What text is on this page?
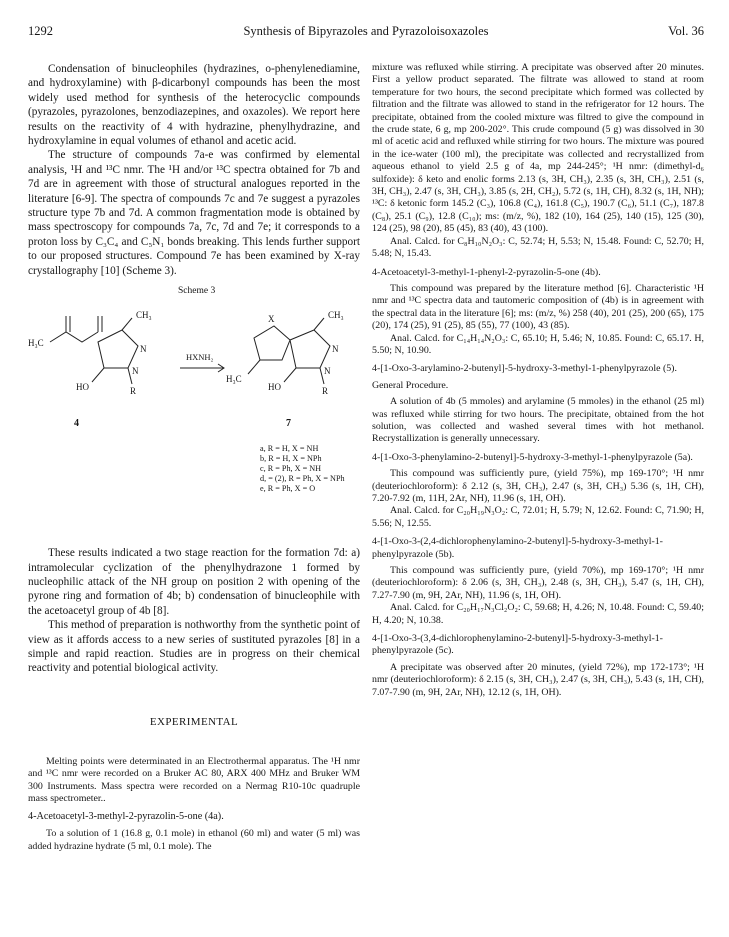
1292	Synthesis of Bipyrazoles and Pyrazoloisoxazoles	Vol. 36

Condensation of binucleophiles (hydrazines, o-phenylenediamine, and hydroxylamine) with β-dicarbonyl compounds has been the most widely used method for synthesis of the heterocyclic compounds (pyrazoles, pyrazolones, benzodiazepines, and oxazoles). We report here results on the reactivity of 4 with hydrazine, phenylhydrazine, and hydroxylamine in equal volumes of ethanol and acetic acid.

The structure of compounds 7a-e was confirmed by elemental analysis, ¹H and ¹³C nmr. The ¹H and/or ¹³C spectra obtained for 7b and 7d are in agreement with those of structural analogues reported in the literature [6-9]. The spectra of compounds 7c and 7e suggest a pyrazoles structure type 7b and 7d. A common fragmentation mode is obtained by mass spectroscopy for compounds 7a, 7c, 7d and 7e; it corresponds to a proton loss by C₃C₄ and C₅N₁ bonds breaking. This lends further support to our proposed structures. Compound 7e has been examined by X-ray crystallography [10] (Scheme 3).

Scheme 3
CH₃
H₃C
N
N
HO	R
HXNH₂
X	CH₃
H₃C
N
N
HO	R
4	7
a, R = H, X = NH
b, R = H, X = NPh
c, R = Ph, X = NH
d, = (2), R = Ph, X = NPh
e, R = Ph, X = O

These results indicated a two stage reaction for the formation 7d: a) intramolecular cyclization of the phenylhydrazone 1 formed by nucleophilic attack of the NH group on position 2 with opening of the pyrone ring and formation of 4b; b) condensation of binucleophile with the acetoacetyl group of 4b [8].

This method of preparation is nothworthy from the synthetic point of view as it affords access to a new series of sustituted pyrazoles [8] in a simple and rapid reaction. Studies are in progress on their chemical reactivity and potential biological activity.

EXPERIMENTAL

Melting points were determinated in an Electrothermal apparatus. The ¹H nmr and ¹³C nmr were recorded on a Bruker AC 80, ARX 400 MHz and Bruker WM 300 Instruments. Mass spectra were recorded on a Nermag R10-10c quadruple mass spectrometer..

4-Acetoacetyl-3-methyl-2-pyrazolin-5-one (4a).

To a solution of 1 (16.8 g, 0.1 mole) in ethanol (60 ml) and water (5 ml) was added hydrazine hydrate (5 ml, 0.1 mole). The

mixture was refluxed while stirring. A precipitate was observed after 20 minutes. First a yellow product separated. The filtrate was allowed to stand at room temperature for two hours, the second precipitate which formed was collected by filtration and the filtrate was allowed to stand in the refrigerator for 12 hours. The precipitate, obtained from the cooled mixture was filtred to give the compound in the crude state, 6 g, mp 200-202°. This crude compound (5 g) was dissolved in 30 ml of acetic acid and refluxed while stirring for two hours. The mixture was poured in the ice-water (100 ml), the precipitate was collected and recrystallized from aqueous ethanol to yield 2.5 g of 4a, mp 244-245°; ¹H nmr: (dimethyl-d₆ sulfoxide): δ keto and enolic forms 2.13 (s, 3H, CH₃), 2.35 (s, 3H, CH₃), 2.51 (s, 3H, CH₃), 2.47 (s, 3H, CH₃), 3.85 (s, 2H, CH₂), 5.72 (s, 1H, CH), 8.32 (s, 1H, NH); ¹³C: δ ketonic form 145.2 (C₃), 106.8 (C₄), 161.8 (C₅), 190.7 (C₆), 51.1 (C₇), 187.8 (C₈), 25.1 (C₉), 12.8 (C₁₀); ms: (m/z, %), 182 (10), 164 (25), 140 (15), 125 (30), 124 (25), 98 (20), 85 (45), 83 (40), 43 (100).

Anal. Calcd. for C₈H₁₀N₂O₃: C, 52.74; H, 5.53; N, 15.48. Found: C, 52.70; H, 5.48; N, 15.43.

4-Acetoacetyl-3-methyl-1-phenyl-2-pyrazolin-5-one (4b).

This compound was prepared by the literature method [6]. Characteristic ¹H nmr and ¹³C spectra data and tautomeric composition of (4b) is in agreement with the spectral data in the literature [6]; ms: (m/z, %) 258 (40), 201 (25), 200 (65), 175 (20), 174 (25), 91 (25), 85 (55), 77 (100), 43 (85).

Anal. Calcd. for C₁₄H₁₄N₂O₃: C, 65.10; H, 5.46; N, 10.85. Found: C, 65.17. H, 5.50; N, 10.90.

4-[1-Oxo-3-arylamino-2-butenyl]-5-hydroxy-3-methyl-1-phenylpyrazole (5).

General Procedure.

A solution of 4b (5 mmoles) and arylamine (5 mmoles) in the ethanol (25 ml) was refluxed while stirring for two hours. The precipitate, obtained from the hot solution, was collected and washed several times with hot methanol. Recrystallization is generally unnecessary.

4-[1-Oxo-3-phenylamino-2-butenyl]-5-hydroxy-3-methyl-1-phenylpyrazole (5a).

This compound was sufficiently pure, (yield 75%), mp 169-170°; ¹H nmr (deuteriochloroform): δ 2.12 (s, 3H, CH₃), 2.47 (s, 3H, CH₃) 5.36 (s, 1H, CH), 7.20-7.92 (m, 11H, 2Ar, NH), 11.96 (s, 1H, OH).

Anal. Calcd. for C₂₀H₁₉N₃O₂: C, 72.01; H, 5.79; N, 12.62. Found: C, 71.90; H, 5.56; N, 12.55.

4-[1-Oxo-3-(2,4-dichlorophenylamino-2-butenyl]-5-hydroxy-3-methyl-1-phenylpyrazole (5b).

This compound was sufficiently pure, (yield 70%), mp 169-170°; ¹H nmr (deuteriochloroform): δ 2.06 (s, 3H, CH₃), 2.48 (s, 3H, CH₃), 5.47 (s, 1H, CH), 7.27-7.90 (m, 9H, 2Ar, NH), 11.96 (s, 1H, OH).

Anal. Calcd. for C₂₀H₁₇N₃Cl₂O₂: C, 59.68; H, 4.26; N, 10.48. Found: C, 59.40; H, 4.20; N, 10.38.

4-[1-Oxo-3-(3,4-dichlorophenylamino-2-butenyl]-5-hydroxy-3-methyl-1-phenylpyrazole (5c).

A precipitate was observed after 20 minutes, (yield 72%), mp 172-173°; ¹H nmr (deuteriochloroform): δ 2.15 (s, 3H, CH₃), 2.47 (s, 3H, CH₃), 5.43 (s, 1H, CH), 7.07-7.90 (m, 9H, 2Ar, NH), 12.12 (s, 1H, OH).
